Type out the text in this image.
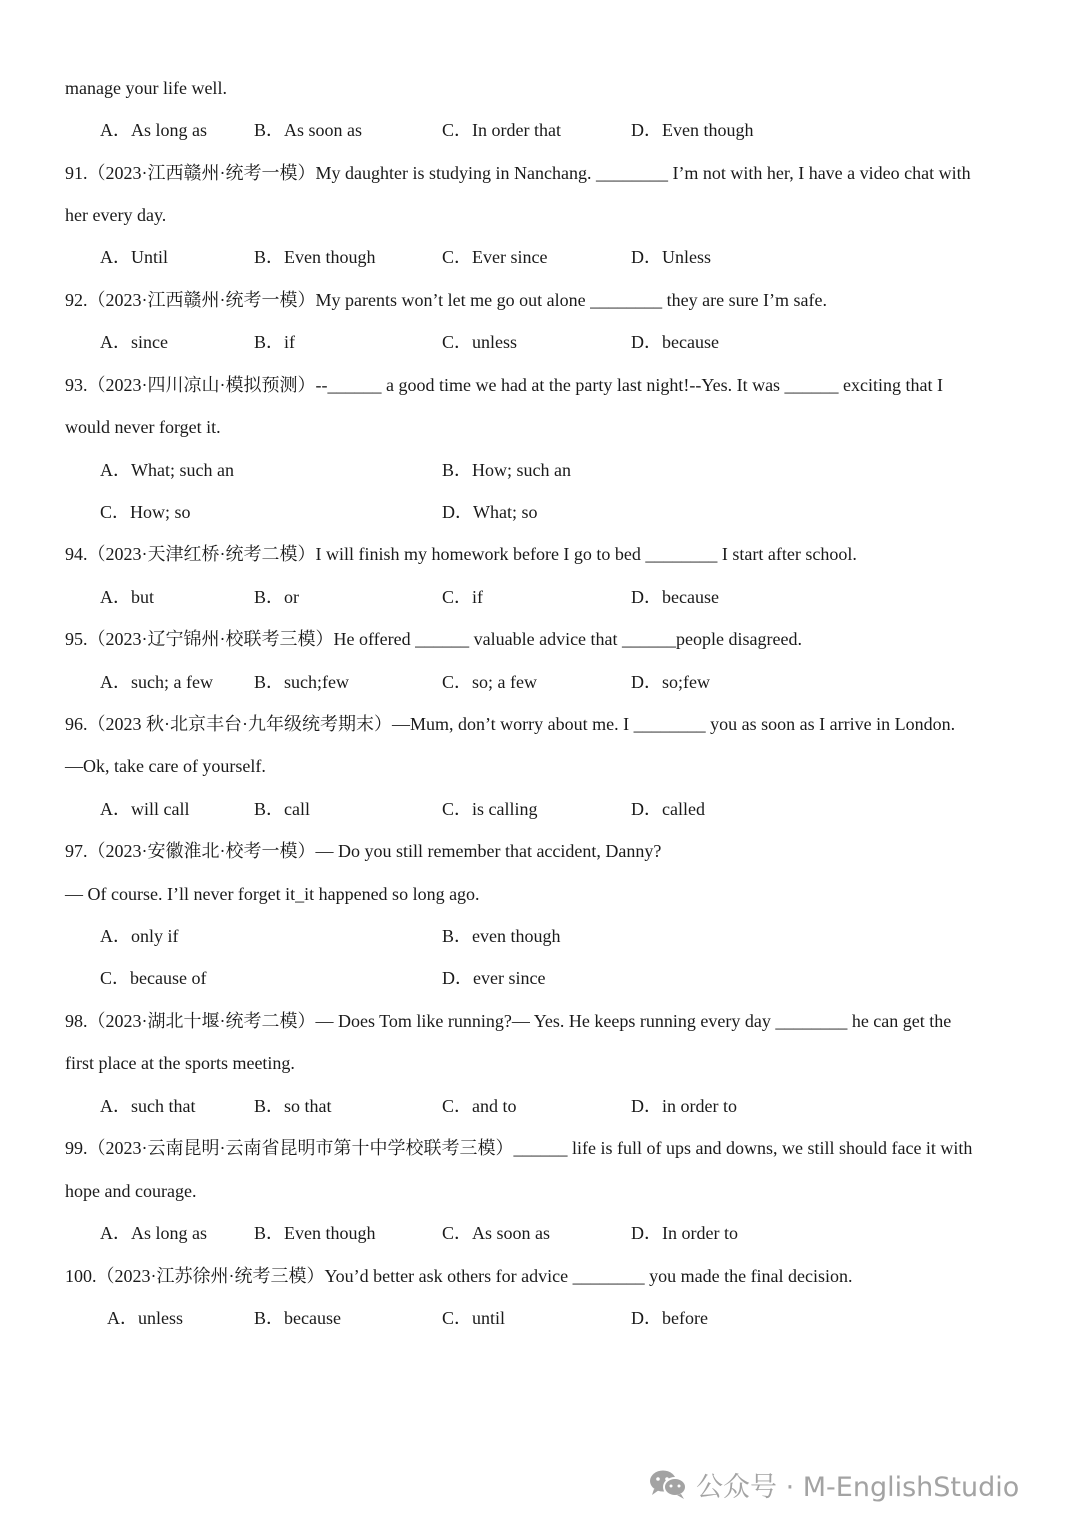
manage your life well.
A．As long as	B．As soon as	C．In order that	D．Even though
91.（2023·江西赣州·统考一模）My daughter is studying in Nanchang. ________ I’m not with her, I have a video chat with
her every day.
A．Until	B．Even though	C．Ever since	D．Unless
92.（2023·江西赣州·统考一模）My parents won’t let me go out alone ________ they are sure I’m safe.
A．since	B．if	C．unless	D．because
93.（2023·四川凉山·模拟预测）--______ a good time we had at the party last night!--Yes. It was ______ exciting that I
would never forget it.
A．What; such an	B．How; such an
C．How; so	D．What; so
94.（2023·天津红桥·统考二模）I will finish my homework before I go to bed ________ I start after school.
A．but	B．or	C．if	D．because
95.（2023·辽宁锦州·校联考三模）He offered ______ valuable advice that ______people disagreed.
A．such; a few B．such;few	C．so; a few	D．so;few
96.（2023 秋·北京丰台·九年级统考期末）—Mum, don’t worry about me. I ________ you as soon as I arrive in London.
—Ok, take care of yourself.
A．will call	B．call	C．is calling	D．called
97.（2023·安徽淮北·校考一模）— Do you still remember that accident, Danny?
— Of course. I’ll never forget it_it happened so long ago.
A．only if	B．even though
C．because of	D．ever since
98.（2023·湖北十堰·统考二模）— Does Tom like running?— Yes. He keeps running every day ________ he can get the
first place at the sports meeting.
A．such that	B．so that	C．and to	D．in order to
99.（2023·云南昆明·云南省昆明市第十中学校联考三模）______ life is full of ups and downs, we still should face it with
hope and courage.
A．As long as	B．Even though	C．As soon as	D．In order to
100.（2023·江苏徐州·统考三模）You’d better ask others for advice ________ you made the final decision.
A．unless	B．because	C．until	D．before
公众号 · M-EnglishStudio
